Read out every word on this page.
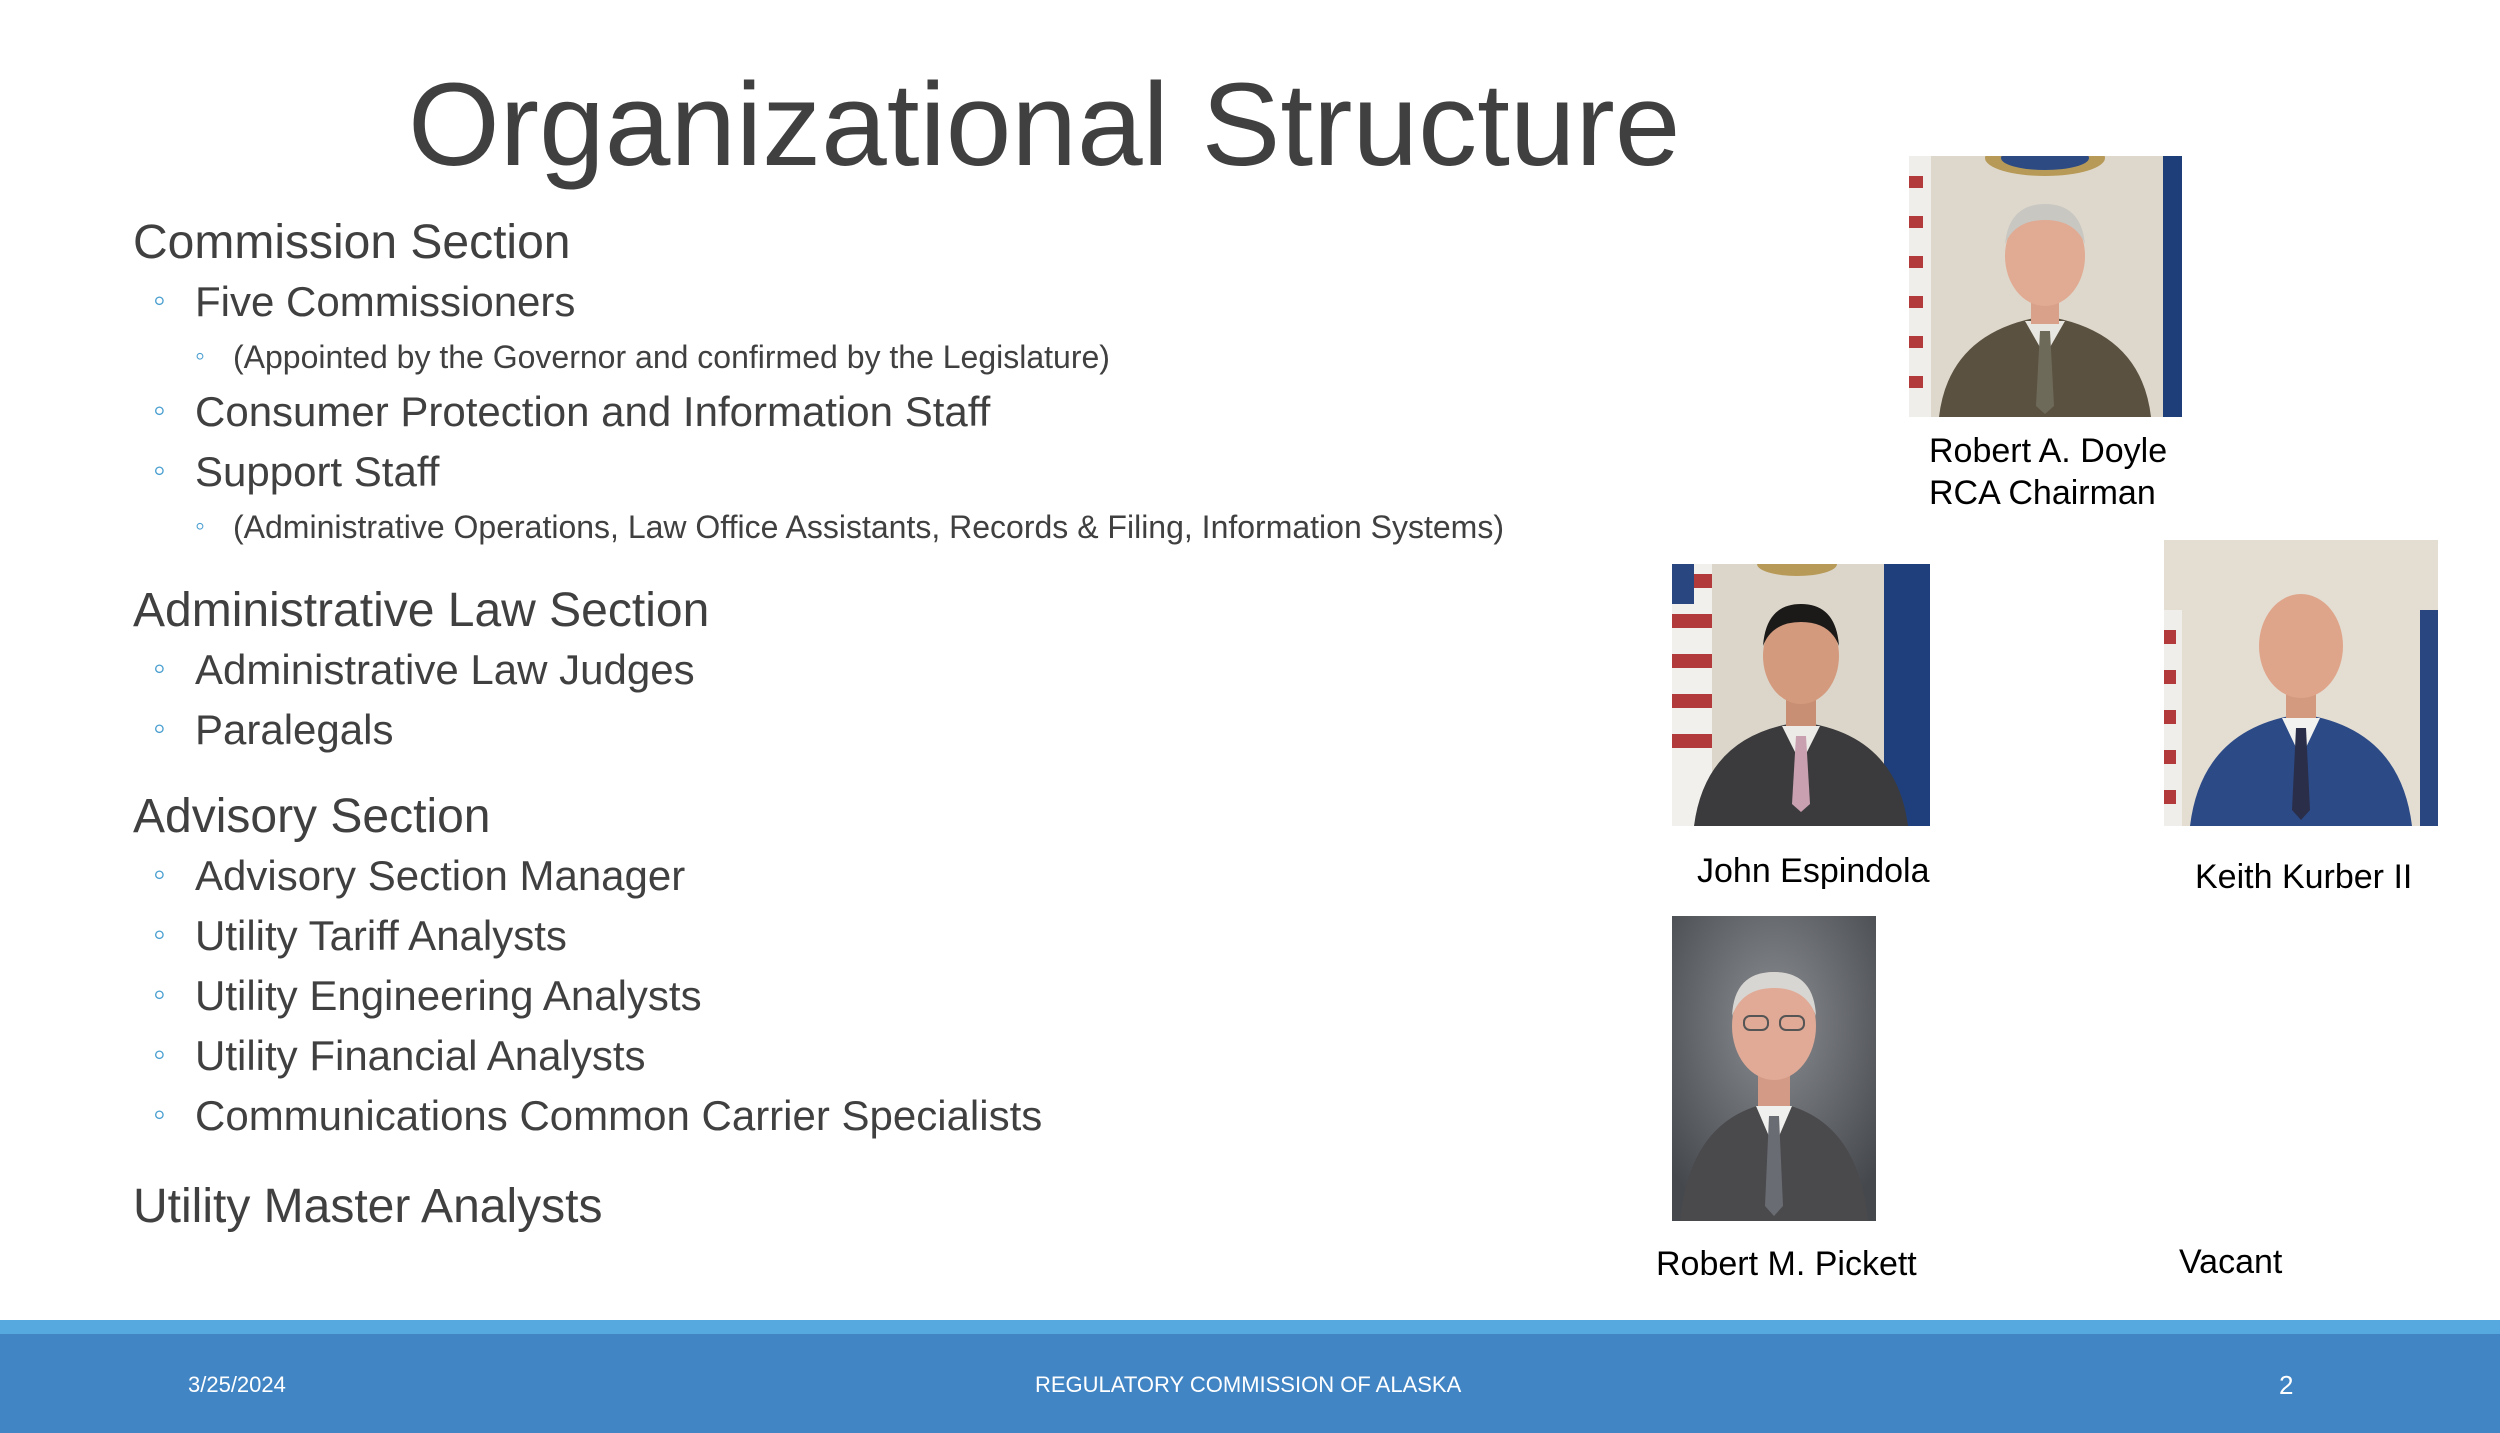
Organizational Structure
Commission Section
◦ Five Commissioners
◦ (Appointed by the Governor and confirmed by the Legislature)
◦ Consumer Protection and Information Staff
◦ Support Staff
◦ (Administrative Operations, Law Office Assistants, Records & Filing, Information Systems)
Administrative Law Section
◦ Administrative Law Judges
◦ Paralegals
Advisory Section
◦ Advisory Section Manager
◦ Utility Tariff Analysts
◦ Utility Engineering Analysts
◦ Utility Financial Analysts
◦ Communications Common Carrier Specialists
Utility Master Analysts
Robert A. Doyle
RCA Chairman
John Espindola	Keith Kurber II
Robert M. Pickett	Vacant
3/25/2024	REGULATORY COMMISSION OF ALASKA	2
